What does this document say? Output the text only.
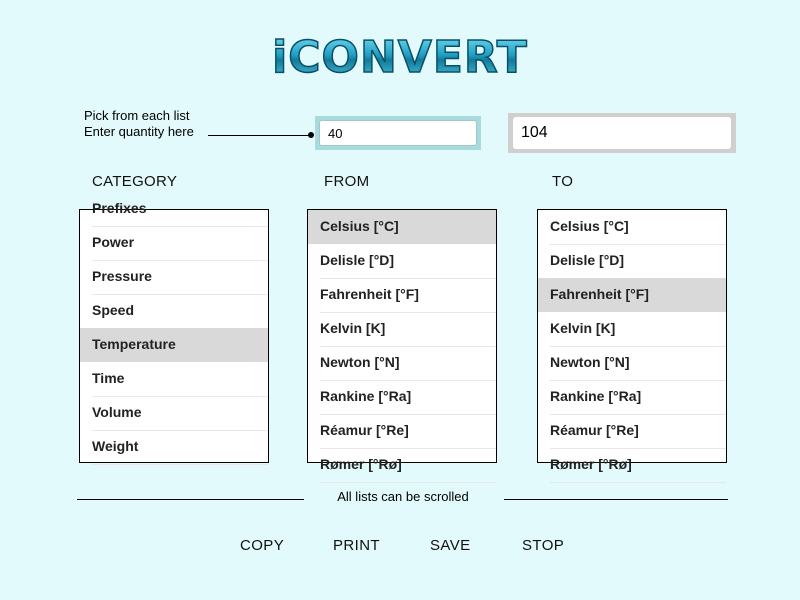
iCONVERT
Pick from each list
Enter quantity here
40	104
CATEGORY	FROM	TO
Prefixes
Power
Pressure
Speed
Temperature
Time
Volume
Weight
Celsius [°C]
Delisle [°D]
Fahrenheit [°F]
Kelvin [K]
Newton [°N]
Rankine [°Ra]
Réamur [°Re]
Rømer [°Rø]
Celsius [°C]
Delisle [°D]
Fahrenheit [°F]
Kelvin [K]
Newton [°N]
Rankine [°Ra]
Réamur [°Re]
Rømer [°Rø]
All lists can be scrolled
COPY	PRINT	SAVE	STOP
